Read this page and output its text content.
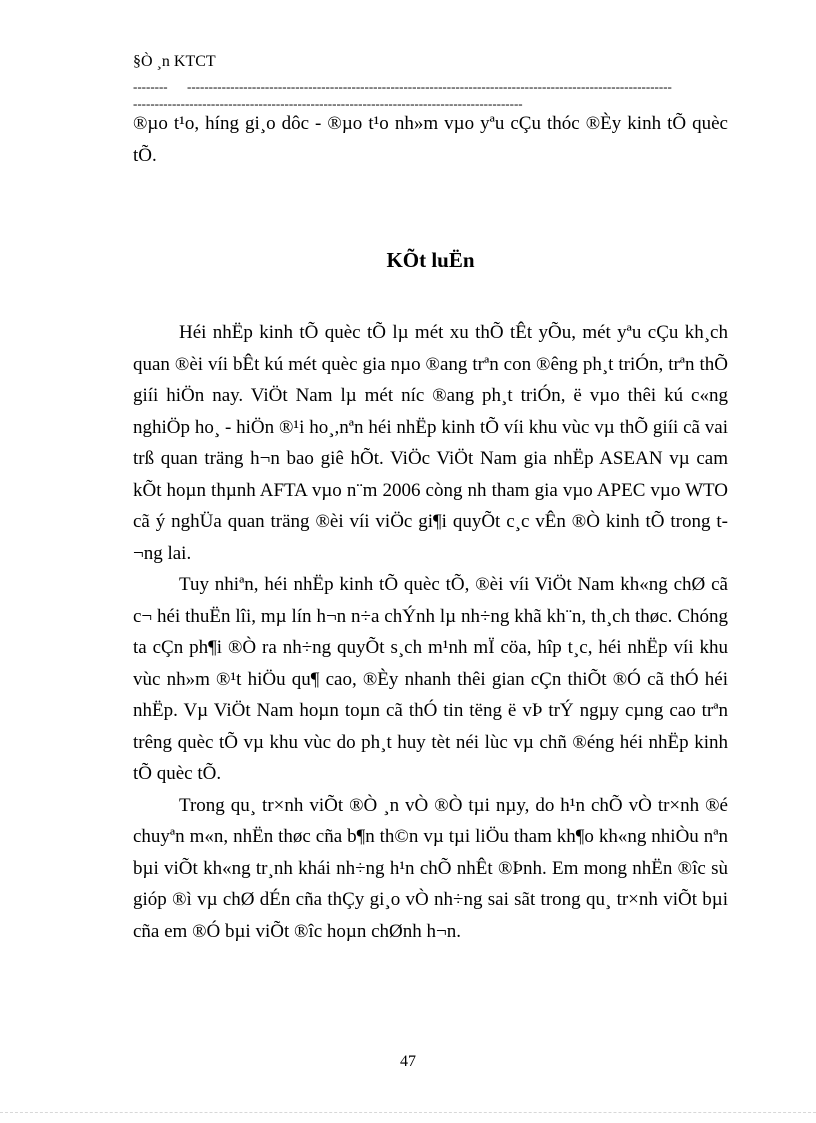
§Ò ¸n KTCT
--------	----------------------------------------------------------------------------------------------------------------
------------------------------------------------------------------------------------------

®µo t¹o, híng gi¸o dôc - ®µo t¹o nh»m vµo yªu cÇu thóc ®Èy kinh tÕ quèc tÕ.

KÕt luËn

Héi nhËp kinh tÕ quèc tÕ lµ mét xu thÕ tÊt yÕu, mét yªu cÇu kh¸ch quan ®èi víi bÊt kú mét quèc gia nµo ®ang trªn con ®êng ph¸t triÓn, trªn thÕ giíi hiÖn nay. ViÖt Nam lµ mét níc ®ang ph¸t triÓn, ë vµo thêi kú c«ng nghiÖp ho¸ - hiÖn ®¹i ho¸,nªn héi nhËp kinh tÕ víi khu vùc vµ thÕ giíi cã vai trß quan träng h¬n bao giê hÕt. ViÖc ViÖt Nam gia nhËp ASEAN vµ cam kÕt hoµn thµnh AFTA vµo n¨m 2006 còng nh tham gia vµo APEC vµo WTO cã ý nghÜa quan träng ®èi víi viÖc gi¶i quyÕt c¸c vÊn ®Ò kinh tÕ trong t¬ng lai.

Tuy nhiªn, héi nhËp kinh tÕ quèc tÕ, ®èi víi ViÖt Nam kh«ng chØ cã c¬ héi thuËn lîi, mµ lín h¬n n÷a chÝnh lµ nh÷ng khã kh¨n, th¸ch thøc. Chóng ta cÇn ph¶i ®Ò ra nh÷ng quyÕt s¸ch m¹nh mÏ cöa, hîp t¸c, héi nhËp víi khu vùc nh»m ®¹t hiÖu qu¶ cao, ®Èy nhanh thêi gian cÇn thiÕt ®Ó cã thÓ héi nhËp. Vµ ViÖt Nam hoµn toµn cã thÓ tin tëng ë vÞ trÝ ngµy cµng cao trªn trêng quèc tÕ vµ khu vùc do ph¸t huy tèt néi lùc vµ chñ ®éng héi nhËp kinh tÕ quèc tÕ.

Trong qu¸ tr×nh viÕt ®Ò ¸n vÒ ®Ò tµi nµy, do h¹n chÕ vÒ tr×nh ®é chuyªn m«n, nhËn thøc cña b¶n th©n vµ tµi liÖu tham kh¶o kh«ng nhiÒu nªn bµi viÕt kh«ng tr¸nh khái nh÷ng h¹n chÕ nhÊt ®Þnh. Em mong nhËn ®îc sù gióp ®ì vµ chØ dÉn cña thÇy gi¸o vÒ nh÷ng sai sãt trong qu¸ tr×nh viÕt bµi cña em ®Ó bµi viÕt ®îc hoµn chØnh h¬n.

47
